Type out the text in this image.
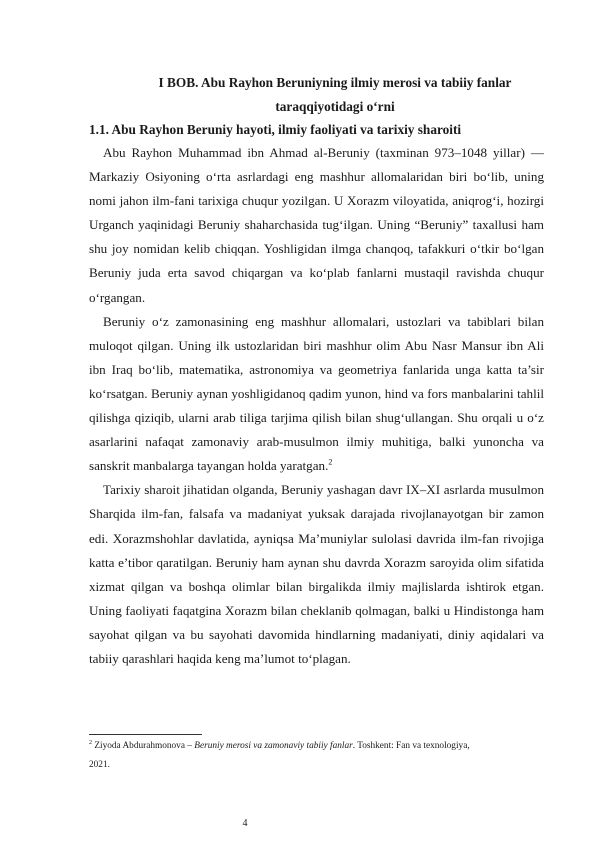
I BOB. Abu Rayhon Beruniyning ilmiy merosi va tabiiy fanlar
taraqqiyotidagi o‘rni
1.1. Abu Rayhon Beruniy hayoti, ilmiy faoliyati va tarixiy sharoiti

Abu Rayhon Muhammad ibn Ahmad al-Beruniy (taxminan 973–1048 yillar) — Markaziy Osiyoning o‘rta asrlardagi eng mashhur allomalaridan biri bo‘lib, uning nomi jahon ilm-fani tarixiga chuqur yozilgan. U Xorazm viloyatida, aniqrog‘i, hozirgi Urganch yaqinidagi Beruniy shaharchasida tug‘ilgan. Uning “Beruniy” taxallusi ham shu joy nomidan kelib chiqqan. Yoshligidan ilmga chanqoq, tafakkuri o‘tkir bo‘lgan Beruniy juda erta savod chiqargan va ko‘plab fanlarni mustaqil ravishda chuqur o‘rgangan.

Beruniy o‘z zamonasining eng mashhur allomalari, ustozlari va tabiblari bilan muloqot qilgan. Uning ilk ustozlaridan biri mashhur olim Abu Nasr Mansur ibn Ali ibn Iraq bo‘lib, matematika, astronomiya va geometriya fanlarida unga katta ta’sir ko‘rsatgan. Beruniy aynan yoshligidanoq qadim yunon, hind va fors manbalarini tahlil qilishga qiziqib, ularni arab tiliga tarjima qilish bilan shug‘ullangan. Shu orqali u o‘z asarlarini nafaqat zamonaviy arab-musulmon ilmiy muhitiga, balki yunoncha va sanskrit manbalarga tayangan holda yaratgan.$^2$

Tarixiy sharoit jihatidan olganda, Beruniy yashagan davr IX–XI asrlarda musulmon Sharqida ilm-fan, falsafa va madaniyat yuksak darajada rivojlanayotgan bir zamon edi. Xorazmshohlar davlatida, ayniqsa Ma’muniylar sulolasi davrida ilm-fan rivojiga katta e’tibor qaratilgan. Beruniy ham aynan shu davrda Xorazm saroyida olim sifatida xizmat qilgan va boshqa olimlar bilan birgalikda ilmiy majlislarda ishtirok etgan. Uning faoliyati faqatgina Xorazm bilan cheklanib qolmagan, balki u Hindistonga ham sayohat qilgan va bu sayohati davomida hindlarning madaniyati, diniy aqidalari va tabiiy qarashlari haqida keng ma’lumot to‘plagan.

$^2$ Ziyoda Abdurahmonova – Beruniy merosi va zamonaviy tabiiy fanlar. Toshkent: Fan va texnologiya, 2021.
4
